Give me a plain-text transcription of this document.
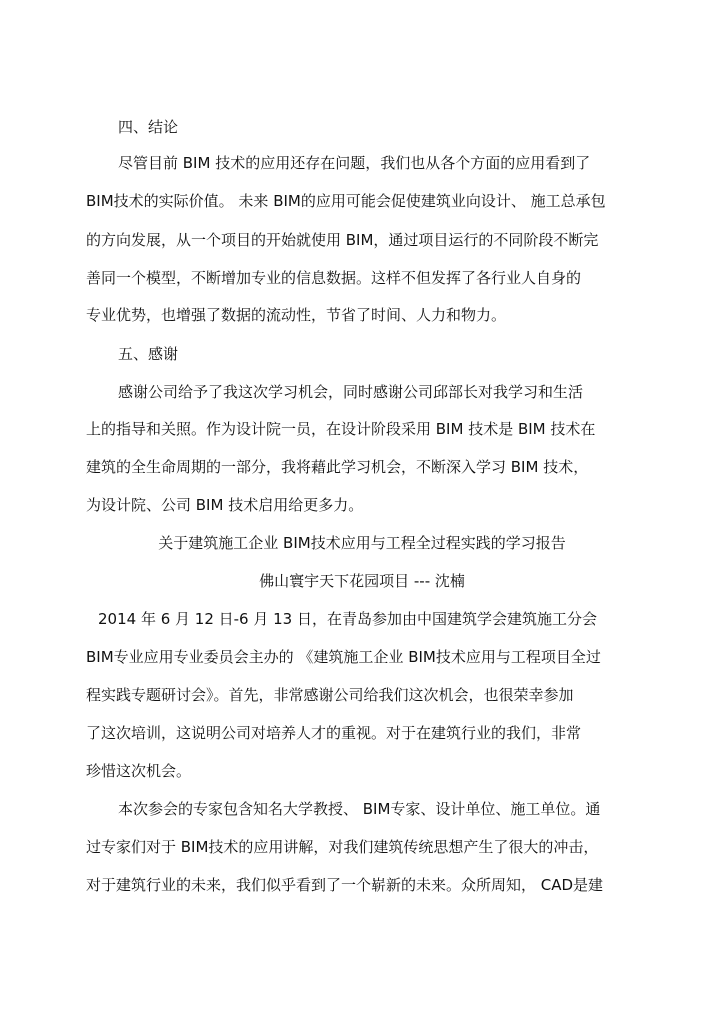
四、结论
尽管目前 BIM 技术的应用还存在问题，我们也从各个方面的应用看到了
BIM技术的实际价值。 未来 BIM的应用可能会促使建筑业向设计、 施工总承包
的方向发展，从一个项目的开始就使用 BIM，通过项目运行的不同阶段不断完
善同一个模型，不断增加专业的信息数据。这样不但发挥了各行业人自身的
专业优势，也增强了数据的流动性，节省了时间、人力和物力。
五、感谢
感谢公司给予了我这次学习机会，同时感谢公司邱部长对我学习和生活
上的指导和关照。作为设计院一员，在设计阶段采用 BIM 技术是 BIM 技术在
建筑的全生命周期的一部分，我将藉此学习机会，不断深入学习 BIM 技术，
为设计院、公司 BIM 技术启用给更多力。
关于建筑施工企业 BIM技术应用与工程全过程实践的学习报告
佛山寰宇天下花园项目 --- 沈楠
2014 年 6 月 12 日-6 月 13 日，在青岛参加由中国建筑学会建筑施工分会
BIM专业应用专业委员会主办的 《建筑施工企业 BIM技术应用与工程项目全过
程实践专题研讨会》。首先，非常感谢公司给我们这次机会，也很荣幸参加
了这次培训，这说明公司对培养人才的重视。对于在建筑行业的我们，非常
珍惜这次机会。
本次参会的专家包含知名大学教授、 BIM专家、设计单位、施工单位。通
过专家们对于 BIM技术的应用讲解，对我们建筑传统思想产生了很大的冲击，
对于建筑行业的未来，我们似乎看到了一个崭新的未来。众所周知， CAD是建
